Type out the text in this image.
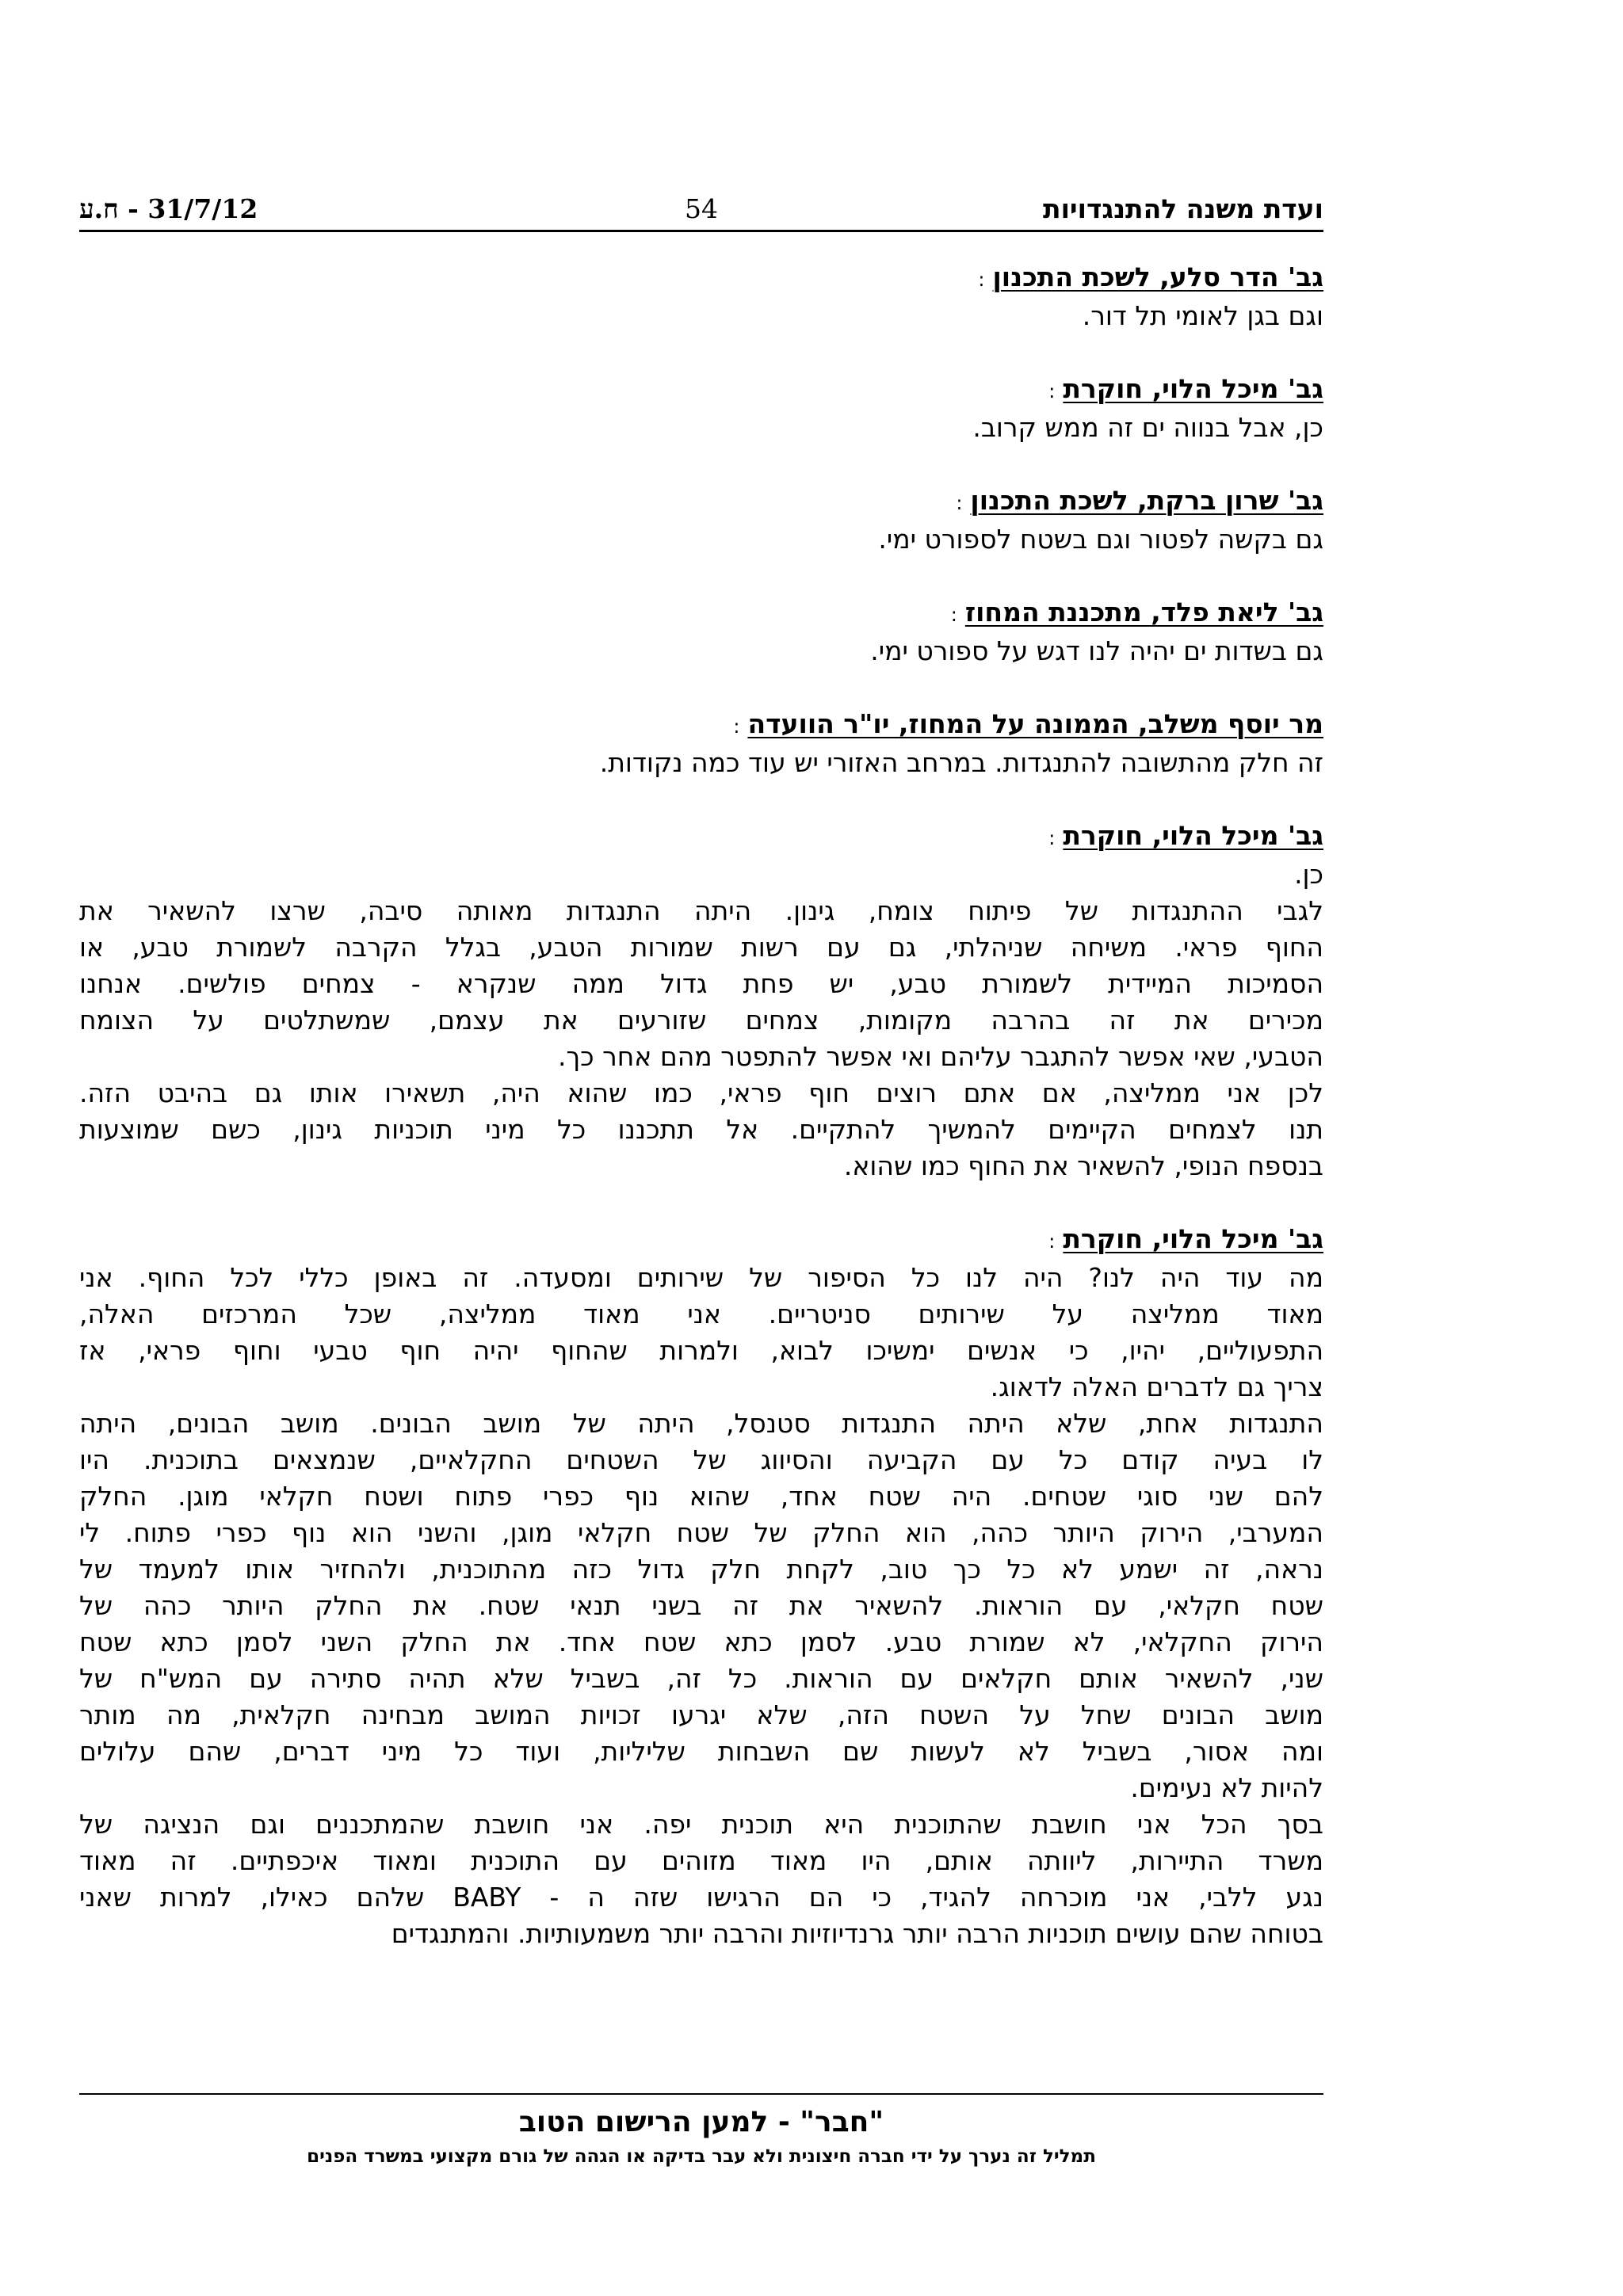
ועדת משנה להתנגדויות
54
31/7/12 - ח.ע
גב' הדר סלע, לשכת התכנון:
וגם בגן לאומי תל דור.
גב' מיכל הלוי, חוקרת:
כן, אבל בנווה ים זה ממש קרוב.
גב' שרון ברקת, לשכת התכנון:
גם בקשה לפטור וגם בשטח לספורט ימי.
גב' ליאת פלד, מתכננת המחוז:
גם בשדות ים יהיה לנו דגש על ספורט ימי.
מר יוסף משלב, הממונה על המחוז, יו"ר הוועדה:
זה חלק מהתשובה להתנגדות. במרחב האזורי יש עוד כמה נקודות.
גב' מיכל הלוי, חוקרת:
כן.
לגבי ההתנגדות של פיתוח צומח, גינון. היתה התנגדות מאותה סיבה, שרצו להשאיר את
החוף פראי. משיחה שניהלתי, גם עם רשות שמורות הטבע, בגלל הקרבה לשמורת טבע, או
הסמיכות המיידית לשמורת טבע, יש פחת גדול ממה שנקרא - צמחים פולשים. אנחנו
מכירים את זה בהרבה מקומות, צמחים שזורעים את עצמם, שמשתלטים על הצומח
הטבעי, שאי אפשר להתגבר עליהם ואי אפשר להתפטר מהם אחר כך.
לכן אני ממליצה, אם אתם רוצים חוף פראי, כמו שהוא היה, תשאירו אותו גם בהיבט הזה.
תנו לצמחים הקיימים להמשיך להתקיים. אל תתכננו כל מיני תוכניות גינון, כשם שמוצעות
בנספח הנופי, להשאיר את החוף כמו שהוא.
גב' מיכל הלוי, חוקרת:
מה עוד היה לנו? היה לנו כל הסיפור של שירותים ומסעדה. זה באופן כללי לכל החוף. אני
מאוד ממליצה על שירותים סניטריים. אני מאוד ממליצה, שכל המרכזים האלה,
התפעוליים, יהיו, כי אנשים ימשיכו לבוא, ולמרות שהחוף יהיה חוף טבעי וחוף פראי, אז
צריך גם לדברים האלה לדאוג.
התנגדות אחת, שלא היתה התנגדות סטנסל, היתה של מושב הבונים. מושב הבונים, היתה
לו בעיה קודם כל עם הקביעה והסיווג של השטחים החקלאיים, שנמצאים בתוכנית. היו
להם שני סוגי שטחים. היה שטח אחד, שהוא נוף כפרי פתוח ושטח חקלאי מוגן. החלק
המערבי, הירוק היותר כהה, הוא החלק של שטח חקלאי מוגן, והשני הוא נוף כפרי פתוח. לי
נראה, זה ישמע לא כל כך טוב, לקחת חלק גדול כזה מהתוכנית, ולהחזיר אותו למעמד של
שטח חקלאי, עם הוראות. להשאיר את זה בשני תנאי שטח. את החלק היותר כהה של
הירוק החקלאי, לא שמורת טבע. לסמן כתא שטח אחד. את החלק השני לסמן כתא שטח
שני, להשאיר אותם חקלאים עם הוראות. כל זה, בשביל שלא תהיה סתירה עם המש"ח של
מושב הבונים שחל על השטח הזה, שלא יגרעו זכויות המושב מבחינה חקלאית, מה מותר
ומה אסור, בשביל לא לעשות שם השבחות שליליות, ועוד כל מיני דברים, שהם עלולים
להיות לא נעימים.
בסך הכל אני חושבת שהתוכנית היא תוכנית יפה. אני חושבת שהמתכננים וגם הנציגה של
משרד התיירות, ליוותה אותם, היו מאוד מזוהים עם התוכנית ומאוד איכפתיים. זה מאוד
נגע ללבי, אני מוכרחה להגיד, כי הם הרגישו שזה ה - BABY שלהם כאילו, למרות שאני
בטוחה שהם עושים תוכניות הרבה יותר גרנדיוזיות והרבה יותר משמעותיות. והמתנגדים
"חבר" - למען הרישום הטוב
תמליל זה נערך על ידי חברה חיצונית ולא עבר בדיקה או הגהה של גורם מקצועי במשרד הפנים
